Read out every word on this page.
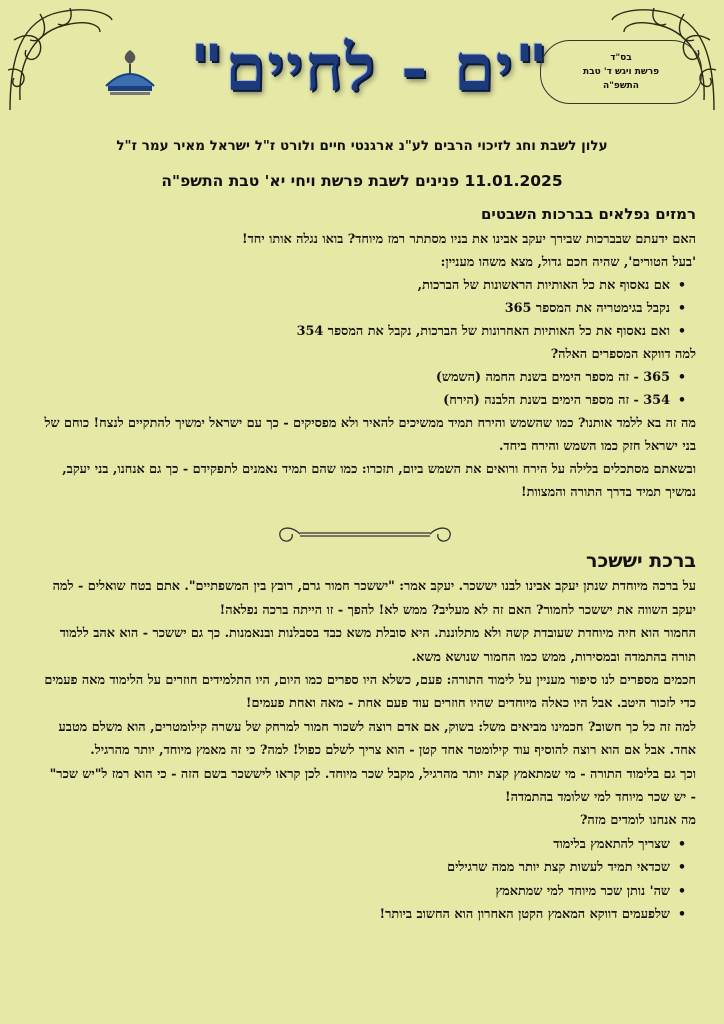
"ים - לחיים"	בס"ד
פרשת ויגש ד' טבת
התשפ"ה
עלון לשבת וחג לזיכוי הרבים לע"נ ארגנטי חיים ולורט ז"ל ישראל מאיר עמר ז"ל
11.01.2025 פנינים לשבת פרשת ויחי יא' טבת התשפ"ה
רמזים נפלאים בברכות השבטים

האם ידעתם שבברכות שבירך יעקב אבינו את בניו מסתתר רמז מיוחד? בואו נגלה אותו יחד!

'בעל הטורים', שהיה חכם גדול, מצא משהו מעניין:

• אם נאסוף את כל האותיות הראשונות של הברכות,
• נקבל בגימטריה את המספר 365
• ואם נאסוף את כל האותיות האחרונות של הברכות, נקבל את המספר 354

למה דווקא המספרים האלה?

• 365 - זה מספר הימים בשנת החמה (השמש)
• 354 - זה מספר הימים בשנת הלבנה (הירח)

מה זה בא ללמד אותנו? כמו שהשמש והירח תמיד ממשיכים להאיר ולא מפסיקים - כך עם ישראל ימשיך להתקיים לנצח! כוחם של בני ישראל חזק כמו השמש והירח ביחד.

ובשאתם מסתכלים בלילה על הירח ורואים את השמש ביום, תזכרו: כמו שהם תמיד נאמנים לתפקידם - כך גם אנחנו, בני יעקב, נמשיך תמיד בדרך התורה והמצוות!

ברכת יששכר

על ברכה מיוחדת שנתן יעקב אבינו לבנו יששכר. יעקב אמר: "יששכר חמור גרם, רובץ בין המשפתיים". אתם בטח שואלים - למה יעקב השווה את יששכר לחמור? האם זה לא מעליב? ממש לא! להפך - זו הייתה ברכה נפלאה!

החמור הוא חיה מיוחדת שעובדת קשה ולא מתלוננת. היא סובלת משא כבד בסבלנות ובנאמנות. כך גם יששכר - הוא אהב ללמוד תורה בהתמדה ובמסירות, ממש כמו החמור שנושא משא.

חכמים מספרים לנו סיפור מעניין על לימוד התורה: פעם, כשלא היו ספרים כמו היום, היו התלמידים חוזרים על הלימוד מאה פעמים כדי לזכור היטב. אבל היו כאלה מיוחדים שהיו חוזרים עוד פעם אחת - מאה ואחת פעמים!

למה זה כל כך חשוב? חכמינו מביאים משל: בשוק, אם אדם רוצה לשכור חמור למרחק של עשרה קילומטרים, הוא משלם מטבע אחד. אבל אם הוא רוצה להוסיף עוד קילומטר אחד קטן - הוא צריך לשלם כפול! למה? כי זה מאמץ מיוחד, יותר מהרגיל.

וכך גם בלימוד התורה - מי שמתאמץ קצת יותר מהרגיל, מקבל שכר מיוחד. לכן קראו ליששכר בשם הזה - כי הוא רמז ל"יש שכר" - יש שכר מיוחד למי שלומד בהתמדה!

מה אנחנו לומדים מזה?

• שצריך להתאמץ בלימוד
• שכדאי תמיד לעשות קצת יותר ממה שרגילים
• שה' נותן שכר מיוחד למי שמתאמץ
• שלפעמים דווקא המאמץ הקטן האחרון הוא החשוב ביותר!
